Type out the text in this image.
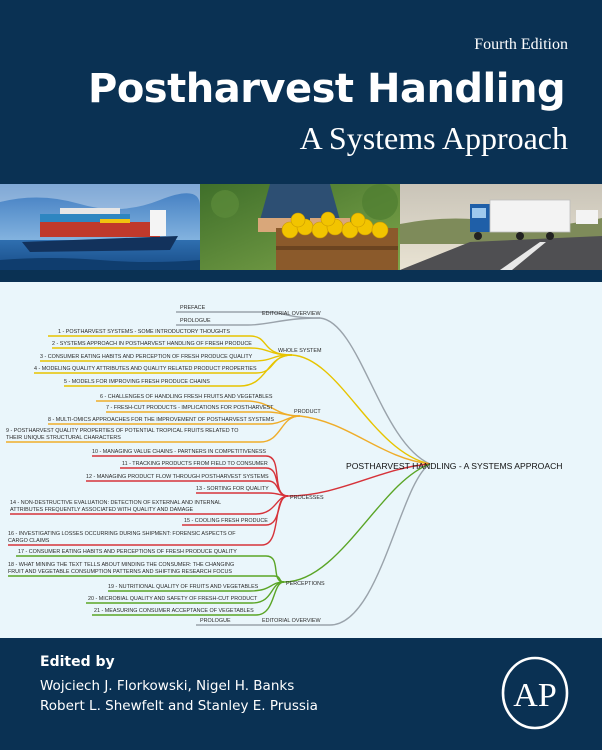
Fourth Edition
Postharvest Handling
A Systems Approach
PREFACE
PROLOGUE
EDITORIAL OVERVIEW
1 - POSTHARVEST SYSTEMS - SOME INTRODUCTORY THOUGHTS
2 - SYSTEMS APPROACH IN POSTHARVEST HANDLING OF FRESH PRODUCE
3 - CONSUMER EATING HABITS AND PERCEPTION OF FRESH PRODUCE QUALITY
4 - MODELING QUALITY ATTRIBUTES AND QUALITY RELATED PRODUCT PROPERTIES
5 - MODELS FOR IMPROVING FRESH PRODUCE CHAINS
WHOLE SYSTEM
6 - CHALLENGES OF HANDLING FRESH FRUITS AND VEGETABLES
7 - FRESH-CUT PRODUCTS - IMPLICATIONS FOR POSTHARVEST
8 - MULTI-OMICS APPROACHES FOR THE IMPROVEMENT OF POSTHARVEST SYSTEMS
9 - POSTHARVEST QUALITY PROPERTIES OF POTENTIAL TROPICAL FRUITS RELATED TO
THEIR UNIQUE STRUCTURAL CHARACTERS
PRODUCT
10 - MANAGING VALUE CHAINS - PARTNERS IN COMPETITIVENESS
11 - TRACKING PRODUCTS FROM FIELD TO CONSUMER
12 - MANAGING PRODUCT FLOW THROUGH POSTHARVEST SYSTEMS
13 - SORTING FOR QUALITY
14 - NON-DESTRUCTIVE EVALUATION: DETECTION OF EXTERNAL AND INTERNAL
ATTRIBUTES FREQUENTLY ASSOCIATED WITH QUALITY AND DAMAGE
15 - COOLING FRESH PRODUCE
16 - INVESTIGATING LOSSES OCCURRING DURING SHIPMENT: FORENSIC ASPECTS OF
CARGO CLAIMS
PROCESSES
17 - CONSUMER EATING HABITS AND PERCEPTIONS OF FRESH PRODUCE QUALITY
18 - WHAT MINING THE TEXT TELLS ABOUT MINDING THE CONSUMER: THE CHANGING
FRUIT AND VEGETABLE CONSUMPTION PATTERNS AND SHIFTING RESEARCH FOCUS
19 - NUTRITIONAL QUALITY OF FRUITS AND VEGETABLES
20 - MICROBIAL QUALITY AND SAFETY OF FRESH-CUT PRODUCT
21 - MEASURING CONSUMER ACCEPTANCE OF VEGETABLES
PERCEPTIONS
PROLOGUE	EDITORIAL OVERVIEW
POSTHARVEST HANDLING - A SYSTEMS APPROACH
Edited by
Wojciech J. Florkowski, Nigel H. Banks
Robert L. Shewfelt and Stanley E. Prussia	AP
